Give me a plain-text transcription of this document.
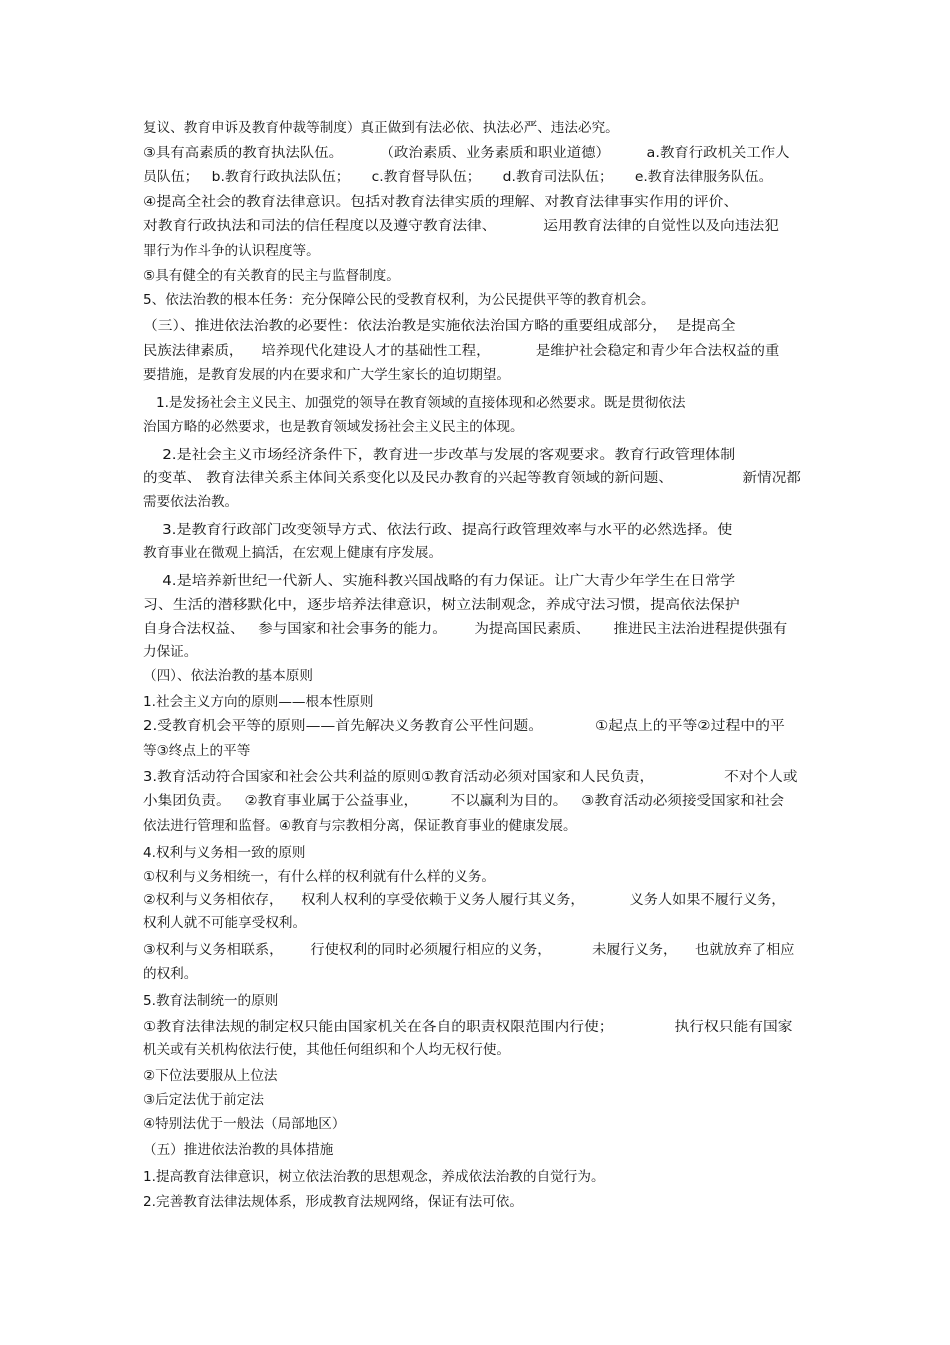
复议、教育申诉及教育仲裁等制度）真正做到有法必依、执法必严、违法必究。
③具有高素质的教育执法队伍。        （政治素质、业务素质和职业道德）        a.教育行政机关工作人
员队伍；   b.教育行政执法队伍；     c.教育督导队伍；     d.教育司法队伍；     e.教育法律服务队伍。
④提高全社会的教育法律意识。包括对教育法律实质的理解、对教育法律事实作用的评价、
对教育行政执法和司法的信任程度以及遵守教育法律、          运用教育法律的自觉性以及向违法犯
罪行为作斗争的认识程度等。
⑤具有健全的有关教育的民主与监督制度。
5、依法治教的根本任务：充分保障公民的受教育权利，为公民提供平等的教育机会。
（三）、推进依法治教的必要性：依法治教是实施依法治国方略的重要组成部分，  是提高全
民族法律素质，    培养现代化建设人才的基础性工程，          是维护社会稳定和青少年合法权益的重
要措施，是教育发展的内在要求和广大学生家长的迫切期望。
1.是发扬社会主义民主、加强党的领导在教育领域的直接体现和必然要求。既是贯彻依法
治国方略的必然要求，也是教育领域发扬社会主义民主的体现。
2.是社会主义市场经济条件下，教育进一步改革与发展的客观要求。教育行政管理体制
的变革、 教育法律关系主体间关系变化以及民办教育的兴起等教育领域的新问题、               新情况都
需要依法治教。
3.是教育行政部门改变领导方式、依法行政、提高行政管理效率与水平的必然选择。使
教育事业在微观上搞活，在宏观上健康有序发展。
4.是培养新世纪一代新人、实施科教兴国战略的有力保证。让广大青少年学生在日常学
习、生活的潜移默化中，逐步培养法律意识，树立法制观念，养成守法习惯，提高依法保护
自身合法权益、   参与国家和社会事务的能力。      为提高国民素质、     推进民主法治进程提供强有
力保证。
（四）、依法治教的基本原则
1.社会主义方向的原则——根本性原则
2.受教育机会平等的原则——首先解决义务教育公平性问题。           ①起点上的平等②过程中的平
等③终点上的平等
3.教育活动符合国家和社会公共利益的原则①教育活动必须对国家和人民负责，               不对个人或
小集团负责。   ②教育事业属于公益事业，       不以赢利为目的。   ③教育活动必须接受国家和社会
依法进行管理和监督。④教育与宗教相分离，保证教育事业的健康发展。
4.权利与义务相一致的原则
①权利与义务相统一，有什么样的权利就有什么样的义务。
②权利与义务相依存，    权利人权利的享受依赖于义务人履行其义务，          义务人如果不履行义务，
权利人就不可能享受权利。
③权利与义务相联系，      行使权利的同时必须履行相应的义务，         未履行义务，    也就放弃了相应
的权利。
5.教育法制统一的原则
①教育法律法规的制定权只能由国家机关在各自的职责权限范围内行使；             执行权只能有国家
机关或有关机构依法行使，其他任何组织和个人均无权行使。
②下位法要服从上位法
③后定法优于前定法
④特别法优于一般法（局部地区）
（五）推进依法治教的具体措施
1.提高教育法律意识，树立依法治教的思想观念，养成依法治教的自觉行为。
2.完善教育法律法规体系，形成教育法规网络，保证有法可依。
